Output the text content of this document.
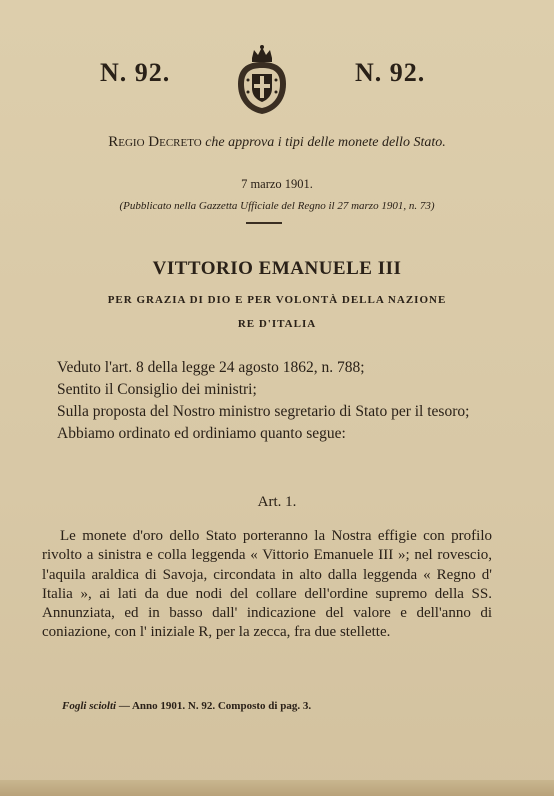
N. 92.	N. 92.
Regio Decreto che approva i tipi delle monete dello Stato.
7 marzo 1901.
(Pubblicato nella Gazzetta Ufficiale del Regno il 27 marzo 1901, n. 73)
VITTORIO EMANUELE III
PER GRAZIA DI DIO E PER VOLONTÀ DELLA NAZIONE
RE D'ITALIA

Veduto l'art. 8 della legge 24 agosto 1862, n. 788;

Sentito il Consiglio dei ministri;

Sulla proposta del Nostro ministro segretario di Stato per il tesoro;

Abbiamo ordinato ed ordiniamo quanto segue:

Art. 1.

Le monete d'oro dello Stato porteranno la Nostra effigie con profilo rivolto a sinistra e colla leggenda « Vittorio Emanuele III »; nel rovescio, l'aquila araldica di Savoja, circondata in alto dalla leggenda « Regno d' Italia », ai lati da due nodi del collare dell'ordine supremo della SS. Annunziata, ed in basso dall' indicazione del valore e dell'anno di coniazione, con l' iniziale R, per la zecca, fra due stellette.

Fogli sciolti — Anno 1901. N. 92. Composto di pag. 3.
